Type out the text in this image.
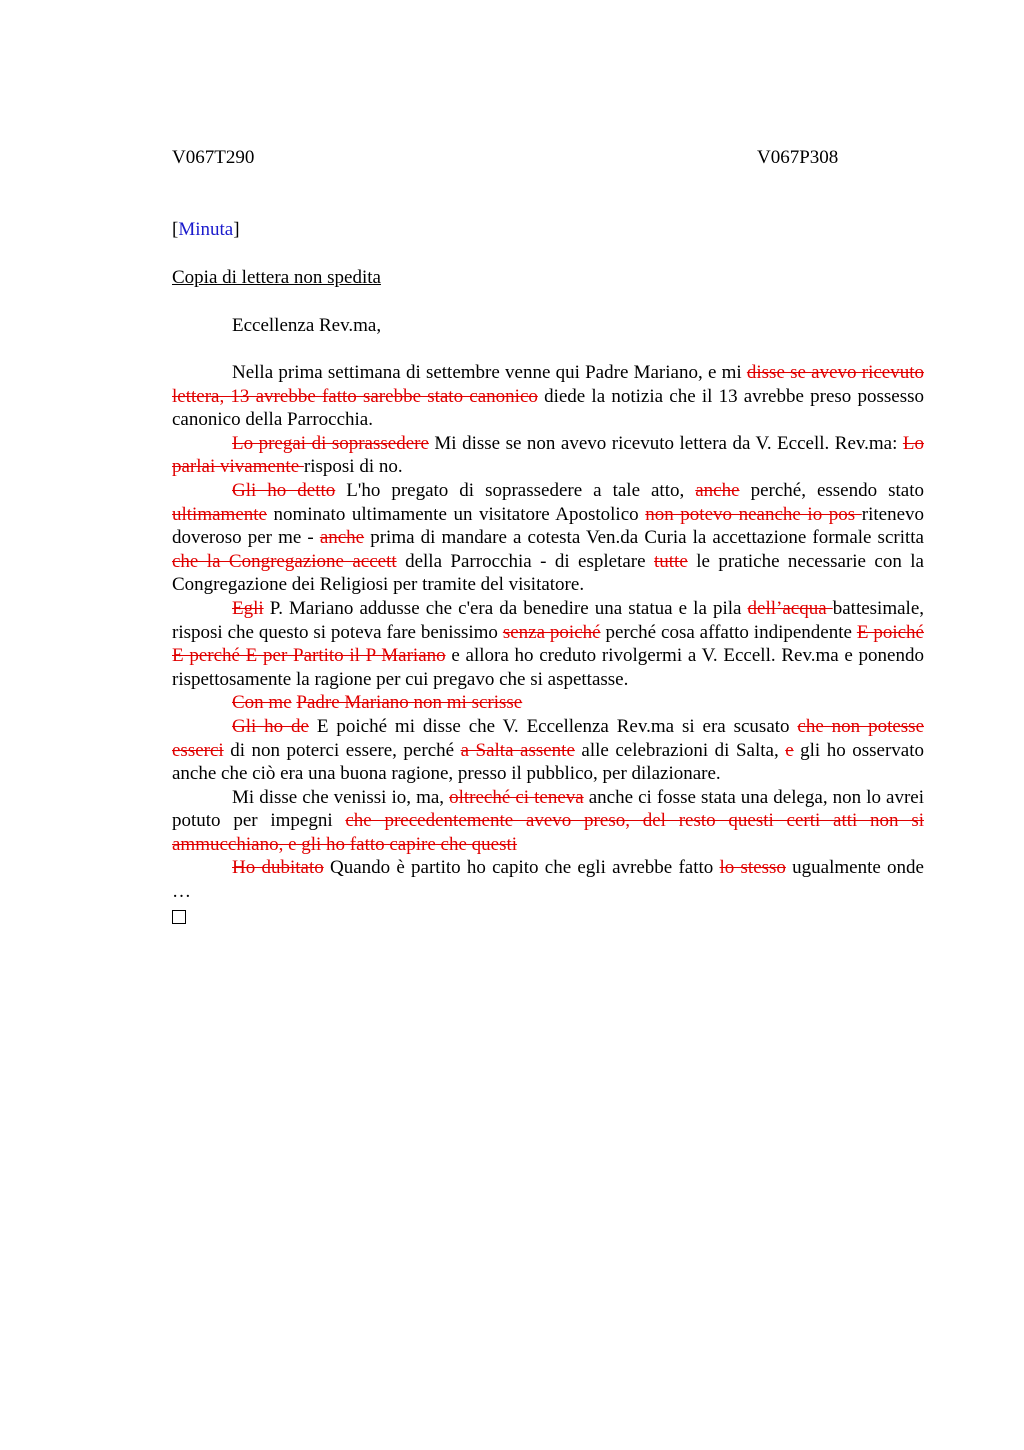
V067T290	V067P308
[Minuta]
Copia di lettera non spedita
Eccellenza Rev.ma,

Nella prima settimana di settembre venne qui Padre Mariano, e mi disse se avevo ricevuto lettera, 13 avrebbe fatto sarebbe stato canonico diede la notizia che il 13 avrebbe preso possesso canonico della Parrocchia.

Lo pregai di soprassedere Mi disse se non avevo ricevuto lettera da V. Eccell. Rev.ma: Lo parlai vivamente risposi di no.

Gli ho detto L'ho pregato di soprassedere a tale atto, anche perché, essendo stato ultimamente nominato ultimamente un visitatore Apostolico non potevo neanche io pos ritenevo doveroso per me - anche prima di mandare a cotesta Ven.da Curia la accettazione formale scritta che la Congregazione accett della Parrocchia - di espletare tutte le pratiche necessarie con la Congregazione dei Religiosi per tramite del visitatore.

Egli P. Mariano addusse che c'era da benedire una statua e la pila dell’acqua battesimale, risposi che questo si poteva fare benissimo senza poiché perché cosa affatto indipendente E poiché E perché E per Partito il P Mariano e allora ho creduto rivolgermi a V. Eccell. Rev.ma e ponendo rispettosamente la ragione per cui pregavo che si aspettasse.

Con me Padre Mariano non mi scrisse

Gli ho de E poiché mi disse che V. Eccellenza Rev.ma si era scusato che non potesse esserci di non poterci essere, perché a Salta assente alle celebrazioni di Salta, e gli ho osservato anche che ciò era una buona ragione, presso il pubblico, per dilazionare.

Mi disse che venissi io, ma, oltreché ci teneva anche ci fosse stata una delega, non lo avrei potuto per impegni che precedentemente avevo preso, del resto questi certi atti non si ammucchiano, e gli ho fatto capire che questi

Ho dubitato Quando è partito ho capito che egli avrebbe fatto lo stesso ugualmente onde …
